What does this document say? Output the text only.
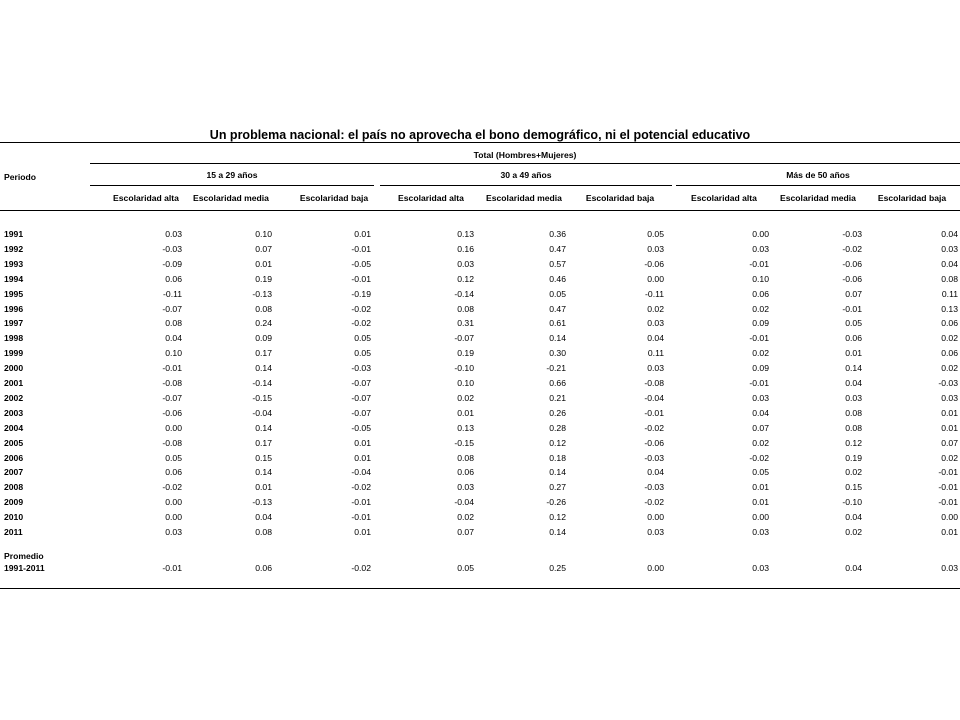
Un problema nacional: el país no aprovecha el bono demográfico, ni el potencial educativo
Total (Hombres+Mujeres)
Periodo	15 a 29 años	30 a 49 años	Más de 50 años
Escolaridad alta	Escolaridad media	Escolaridad baja	Escolaridad alta	Escolaridad media	Escolaridad baja	Escolaridad alta	Escolaridad media	Escolaridad baja
1991	0.03	0.10	0.01	0.13	0.36	0.05	0.00	-0.03	0.04
1992	-0.03	0.07	-0.01	0.16	0.47	0.03	0.03	-0.02	0.03
1993	-0.09	0.01	-0.05	0.03	0.57	-0.06	-0.01	-0.06	0.04
1994	0.06	0.19	-0.01	0.12	0.46	0.00	0.10	-0.06	0.08
1995	-0.11	-0.13	-0.19	-0.14	0.05	-0.11	0.06	0.07	0.11
1996	-0.07	0.08	-0.02	0.08	0.47	0.02	0.02	-0.01	0.13
1997	0.08	0.24	-0.02	0.31	0.61	0.03	0.09	0.05	0.06
1998	0.04	0.09	0.05	-0.07	0.14	0.04	-0.01	0.06	0.02
1999	0.10	0.17	0.05	0.19	0.30	0.11	0.02	0.01	0.06
2000	-0.01	0.14	-0.03	-0.10	-0.21	0.03	0.09	0.14	0.02
2001	-0.08	-0.14	-0.07	0.10	0.66	-0.08	-0.01	0.04	-0.03
2002	-0.07	-0.15	-0.07	0.02	0.21	-0.04	0.03	0.03	0.03
2003	-0.06	-0.04	-0.07	0.01	0.26	-0.01	0.04	0.08	0.01
2004	0.00	0.14	-0.05	0.13	0.28	-0.02	0.07	0.08	0.01
2005	-0.08	0.17	0.01	-0.15	0.12	-0.06	0.02	0.12	0.07
2006	0.05	0.15	0.01	0.08	0.18	-0.03	-0.02	0.19	0.02
2007	0.06	0.14	-0.04	0.06	0.14	0.04	0.05	0.02	-0.01
2008	-0.02	0.01	-0.02	0.03	0.27	-0.03	0.01	0.15	-0.01
2009	0.00	-0.13	-0.01	-0.04	-0.26	-0.02	0.01	-0.10	-0.01
2010	0.00	0.04	-0.01	0.02	0.12	0.00	0.00	0.04	0.00
2011	0.03	0.08	0.01	0.07	0.14	0.03	0.03	0.02	0.01
Promedio
1991-2011	-0.01	0.06	-0.02	0.05	0.25	0.00	0.03	0.04	0.03
